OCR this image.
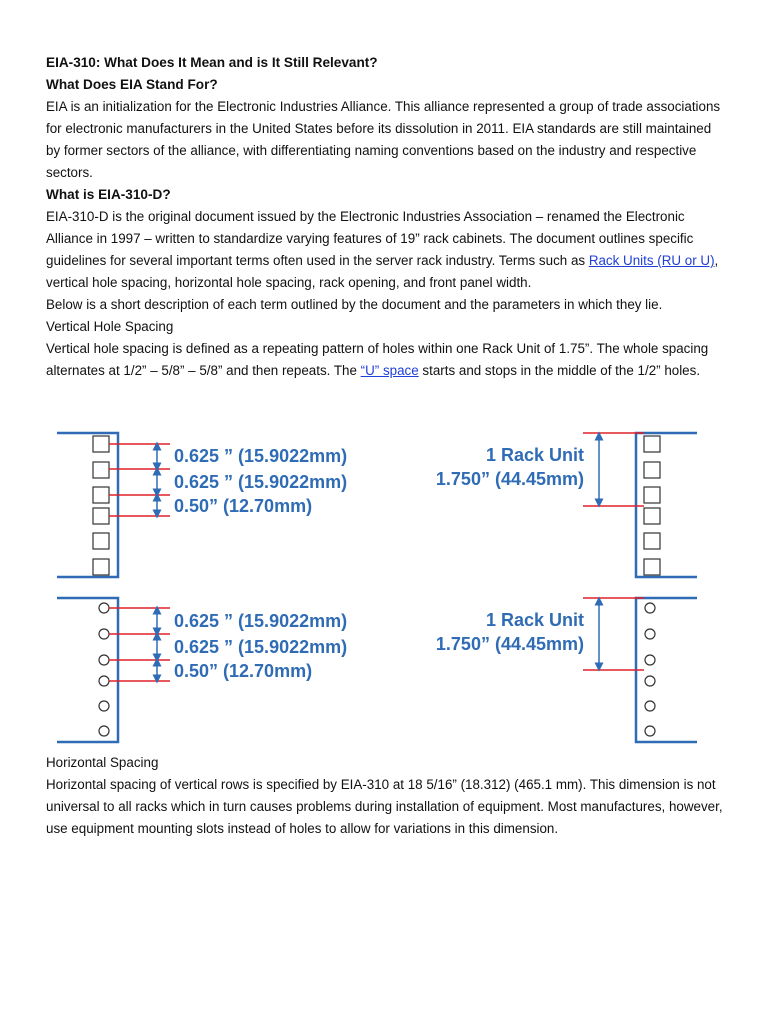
EIA-310: What Does It Mean and is It Still Relevant?

What Does EIA Stand For?

EIA is an initialization for the Electronic Industries Alliance. This alliance represented a group of trade associations for electronic manufacturers in the United States before its dissolution in 2011. EIA standards are still maintained by former sectors of the alliance, with differentiating naming conventions based on the industry and respective sectors.

What is EIA-310-D?

EIA-310-D is the original document issued by the Electronic Industries Association – renamed the Electronic Alliance in 1997 – written to standardize varying features of 19” rack cabinets. The document outlines specific guidelines for several important terms often used in the server rack industry. Terms such as Rack Units (RU or U), vertical hole spacing, horizontal hole spacing, rack opening, and front panel width.

Below is a short description of each term outlined by the document and the parameters in which they lie.

Vertical Hole Spacing

Vertical hole spacing is defined as a repeating pattern of holes within one Rack Unit of 1.75”. The whole spacing alternates at 1/2” – 5/8” – 5/8” and then repeats. The “U” space starts and stops in the middle of the 1/2” holes.

0.625 ” (15.9022mm)
0.625 ” (15.9022mm)
0.50” (12.70mm)
1 Rack Unit
1.750” (44.45mm)
0.625 ” (15.9022mm)
0.625 ” (15.9022mm)
0.50” (12.70mm)
1 Rack Unit
1.750” (44.45mm)

Horizontal Spacing

Horizontal spacing of vertical rows is specified by EIA-310 at 18 5/16” (18.312) (465.1 mm). This dimension is not universal to all racks which in turn causes problems during installation of equipment. Most manufactures, however, use equipment mounting slots instead of holes to allow for variations in this dimension.
